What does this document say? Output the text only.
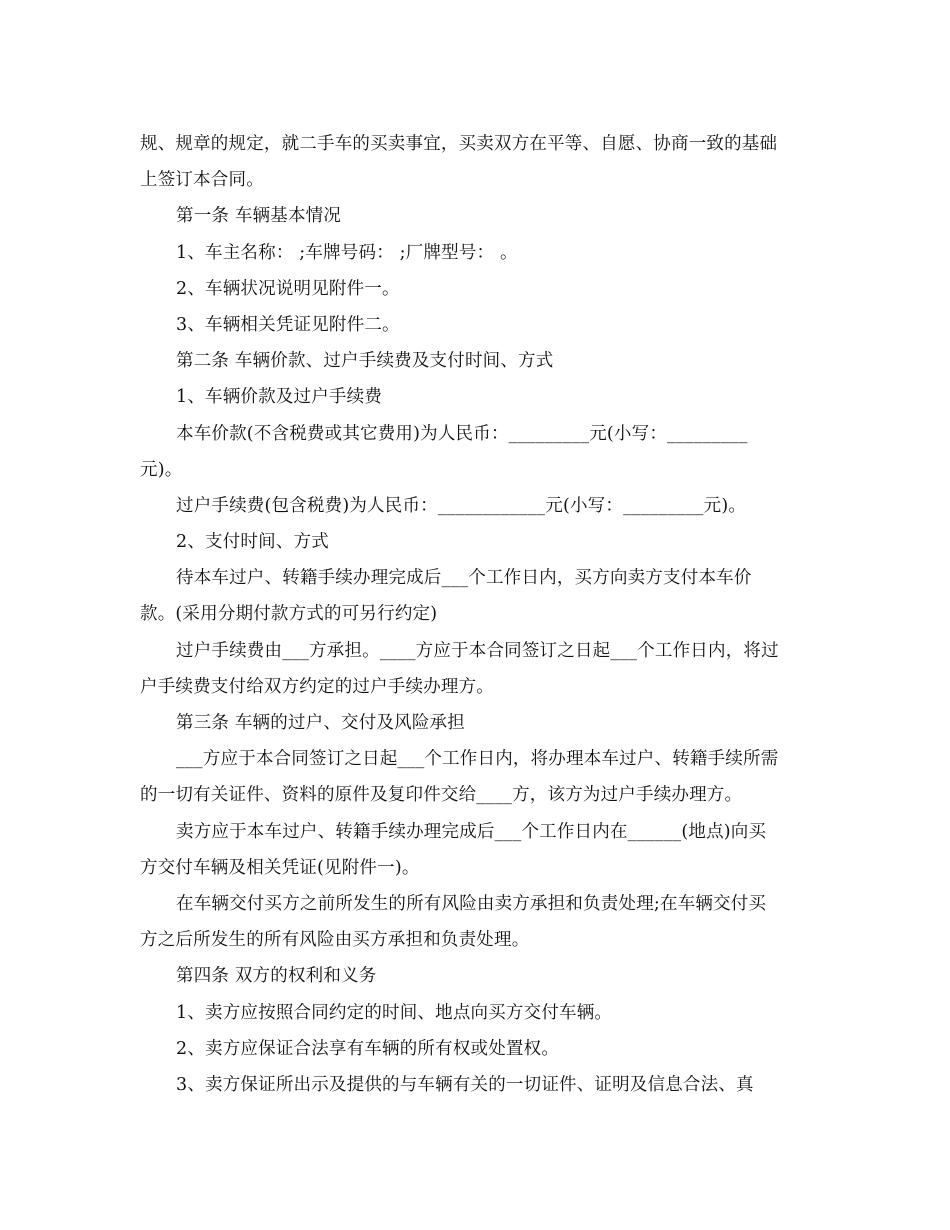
规、规章的规定，就二手车的买卖事宜，买卖双方在平等、自愿、协商一致的基础
上签订本合同。
第一条 车辆基本情况
1、车主名称： ;车牌号码： ;厂牌型号： 。
2、车辆状况说明见附件一。
3、车辆相关凭证见附件二。
第二条 车辆价款、过户手续费及支付时间、方式
1、车辆价款及过户手续费
本车价款(不含税费或其它费用)为人民币：_________元(小写：_________
元)。
过户手续费(包含税费)为人民币：____________元(小写：_________元)。
2、支付时间、方式
待本车过户、转籍手续办理完成后___个工作日内，买方向卖方支付本车价
款。(采用分期付款方式的可另行约定)
过户手续费由___方承担。____方应于本合同签订之日起___个工作日内，将过
户手续费支付给双方约定的过户手续办理方。
第三条 车辆的过户、交付及风险承担
___方应于本合同签订之日起___个工作日内，将办理本车过户、转籍手续所需
的一切有关证件、资料的原件及复印件交给____方，该方为过户手续办理方。
卖方应于本车过户、转籍手续办理完成后___个工作日内在______(地点)向买
方交付车辆及相关凭证(见附件一)。
在车辆交付买方之前所发生的所有风险由卖方承担和负责处理;在车辆交付买
方之后所发生的所有风险由买方承担和负责处理。
第四条 双方的权利和义务
1、卖方应按照合同约定的时间、地点向买方交付车辆。
2、卖方应保证合法享有车辆的所有权或处置权。
3、卖方保证所出示及提供的与车辆有关的一切证件、证明及信息合法、真
